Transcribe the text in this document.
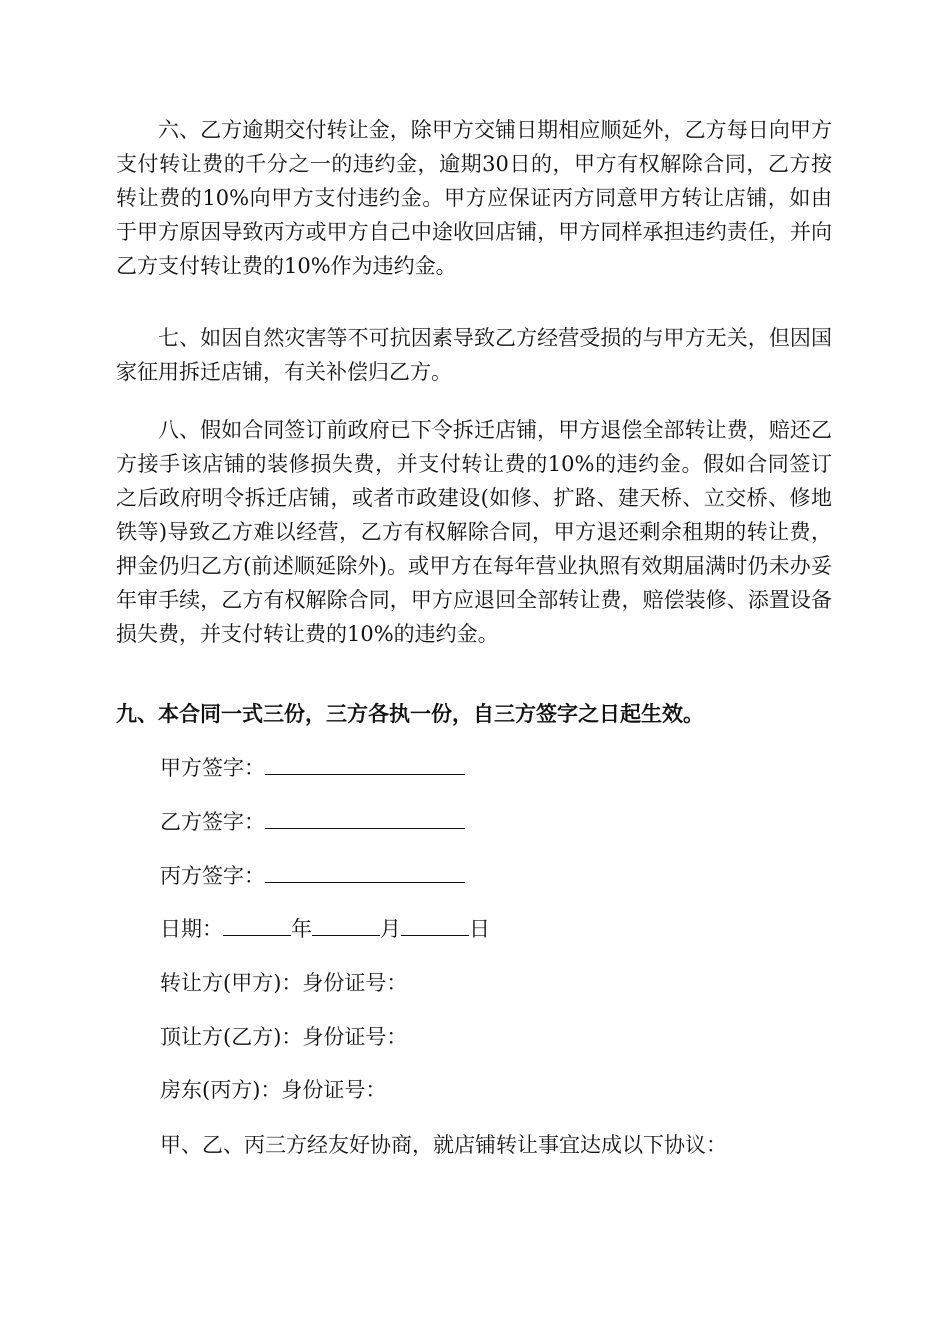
六、乙方逾期交付转让金，除甲方交铺日期相应顺延外，乙方每日向甲方支付转让费的千分之一的违约金，逾期30日的，甲方有权解除合同，乙方按转让费的10%向甲方支付违约金。甲方应保证丙方同意甲方转让店铺，如由于甲方原因导致丙方或甲方自己中途收回店铺，甲方同样承担违约责任，并向乙方支付转让费的10%作为违约金。

七、如因自然灾害等不可抗因素导致乙方经营受损的与甲方无关，但因国家征用拆迁店铺，有关补偿归乙方。

八、假如合同签订前政府已下令拆迁店铺，甲方退偿全部转让费，赔还乙方接手该店铺的装修损失费，并支付转让费的10%的违约金。假如合同签订之后政府明令拆迁店铺，或者市政建设(如修、扩路、建天桥、立交桥、修地铁等)导致乙方难以经营，乙方有权解除合同，甲方退还剩余租期的转让费，押金仍归乙方(前述顺延除外)。或甲方在每年营业执照有效期届满时仍未办妥年审手续，乙方有权解除合同，甲方应退回全部转让费，赔偿装修、添置设备损失费，并支付转让费的10%的违约金。

九、本合同一式三份，三方各执一份，自三方签字之日起生效。

甲方签字：

乙方签字：

丙方签字：

日期：	年	月	日

转让方(甲方)：身份证号：

顶让方(乙方)：身份证号：

房东(丙方)：身份证号：

甲、乙、丙三方经友好协商，就店铺转让事宜达成以下协议：
